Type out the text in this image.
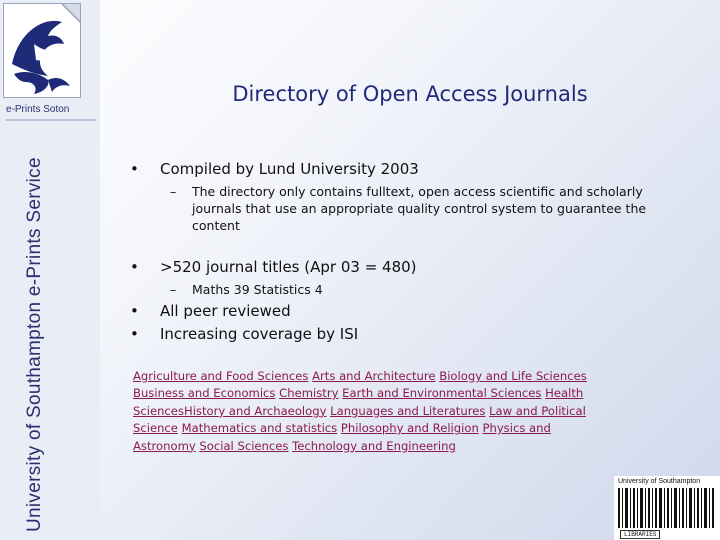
e-Prints Soton
University of Southampton e-Prints Service
Directory of Open Access Journals
• Compiled by Lund University 2003
– The directory only contains fulltext, open access scientific and scholarly journals that use an appropriate quality control system to guarantee the content
• >520 journal titles (Apr 03 = 480)
– Maths 39 Statistics 4
• All peer reviewed
• Increasing coverage by ISI
Agriculture and Food Sciences Arts and Architecture Biology and Life Sciences Business and Economics Chemistry Earth and Environmental Sciences Health SciencesHistory and Archaeology Languages and Literatures Law and Political Science Mathematics and statistics Philosophy and Religion Physics and Astronomy Social Sciences Technology and Engineering
University of Southampton
LIBRARIES
